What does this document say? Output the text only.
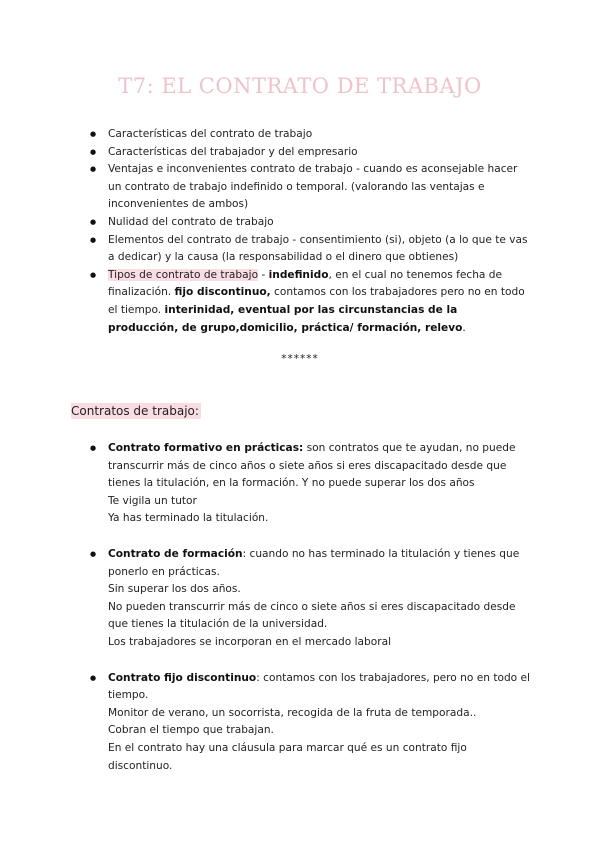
T7: EL CONTRATO DE TRABAJO
● Características del contrato de trabajo
● Características del trabajador y del empresario
● Ventajas e inconvenientes contrato de trabajo - cuando es aconsejable hacer un contrato de trabajo indefinido o temporal. (valorando las ventajas e inconvenientes de ambos)
● Nulidad del contrato de trabajo
● Elementos del contrato de trabajo - consentimiento (si), objeto (a lo que te vas a dedicar) y la causa (la responsabilidad o el dinero que obtienes)
● Tipos de contrato de trabajo - indefinido, en el cual no tenemos fecha de finalización. fijo discontinuo, contamos con los trabajadores pero no en todo el tiempo. interinidad, eventual por las circunstancias de la producción, de grupo,domicilio, práctica/ formación, relevo.
******
Contratos de trabajo:
● Contrato formativo en prácticas: son contratos que te ayudan, no puede transcurrir más de cinco años o siete años si eres discapacitado desde que tienes la titulación, en la formación. Y no puede superar los dos años
Te vigila un tutor
Ya has terminado la titulación.
● Contrato de formación: cuando no has terminado la titulación y tienes que ponerlo en prácticas.
Sin superar los dos años.
No pueden transcurrir más de cinco o siete años si eres discapacitado desde que tienes la titulación de la universidad.
Los trabajadores se incorporan en el mercado laboral
● Contrato fijo discontinuo: contamos con los trabajadores, pero no en todo el tiempo.
Monitor de verano, un socorrista, recogida de la fruta de temporada..
Cobran el tiempo que trabajan.
En el contrato hay una cláusula para marcar qué es un contrato fijo discontinuo.
